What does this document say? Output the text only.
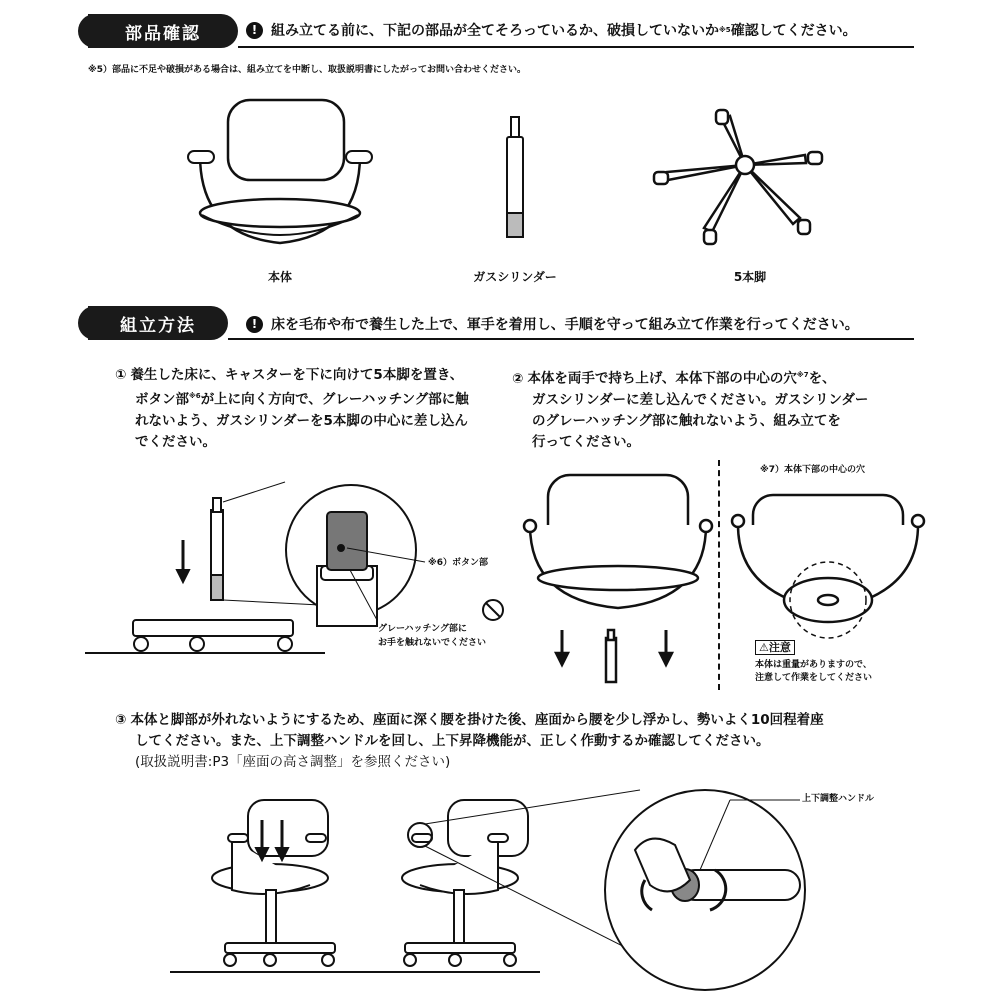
部品確認	! 組み立てる前に、下記の部品が全てそろっているか、破損していないか ※5 確認してください。
※5）部品に不足や破損がある場合は、組み立てを中断し、取扱説明書にしたがってお問い合わせください。
本体	ガスシリンダー	5本脚
組立方法	! 床を毛布や布で養生した上で、軍手を着用し、手順を守って組み立て作業を行ってください。
① 養生した床に、キャスターを下に向けて5本脚を置き、
ボタン部$^{※6}$が上に向く方向で、グレーハッチング部に触
れないよう、ガスシリンダーを5本脚の中心に差し込ん
でください。
※6）ボタン部
グレーハッチング部に
お手を触れないでください
② 本体を両手で持ち上げ、本体下部の中心の穴$^{※7}$を、
ガスシリンダーに差し込んでください。ガスシリンダー
のグレーハッチング部に触れないよう、組み立てを
行ってください。
※7）本体下部の中心の穴
⚠注意
本体は重量がありますので、
注意して作業をしてください
③ 本体と脚部が外れないようにするため、座面に深く腰を掛けた後、座面から腰を少し浮かし、勢いよく10回程着座
してください。また、上下調整ハンドルを回し、上下昇降機能が、正しく作動するか確認してください。
(取扱説明書:P3「座面の高さ調整」を参照ください)
上下調整ハンドル
